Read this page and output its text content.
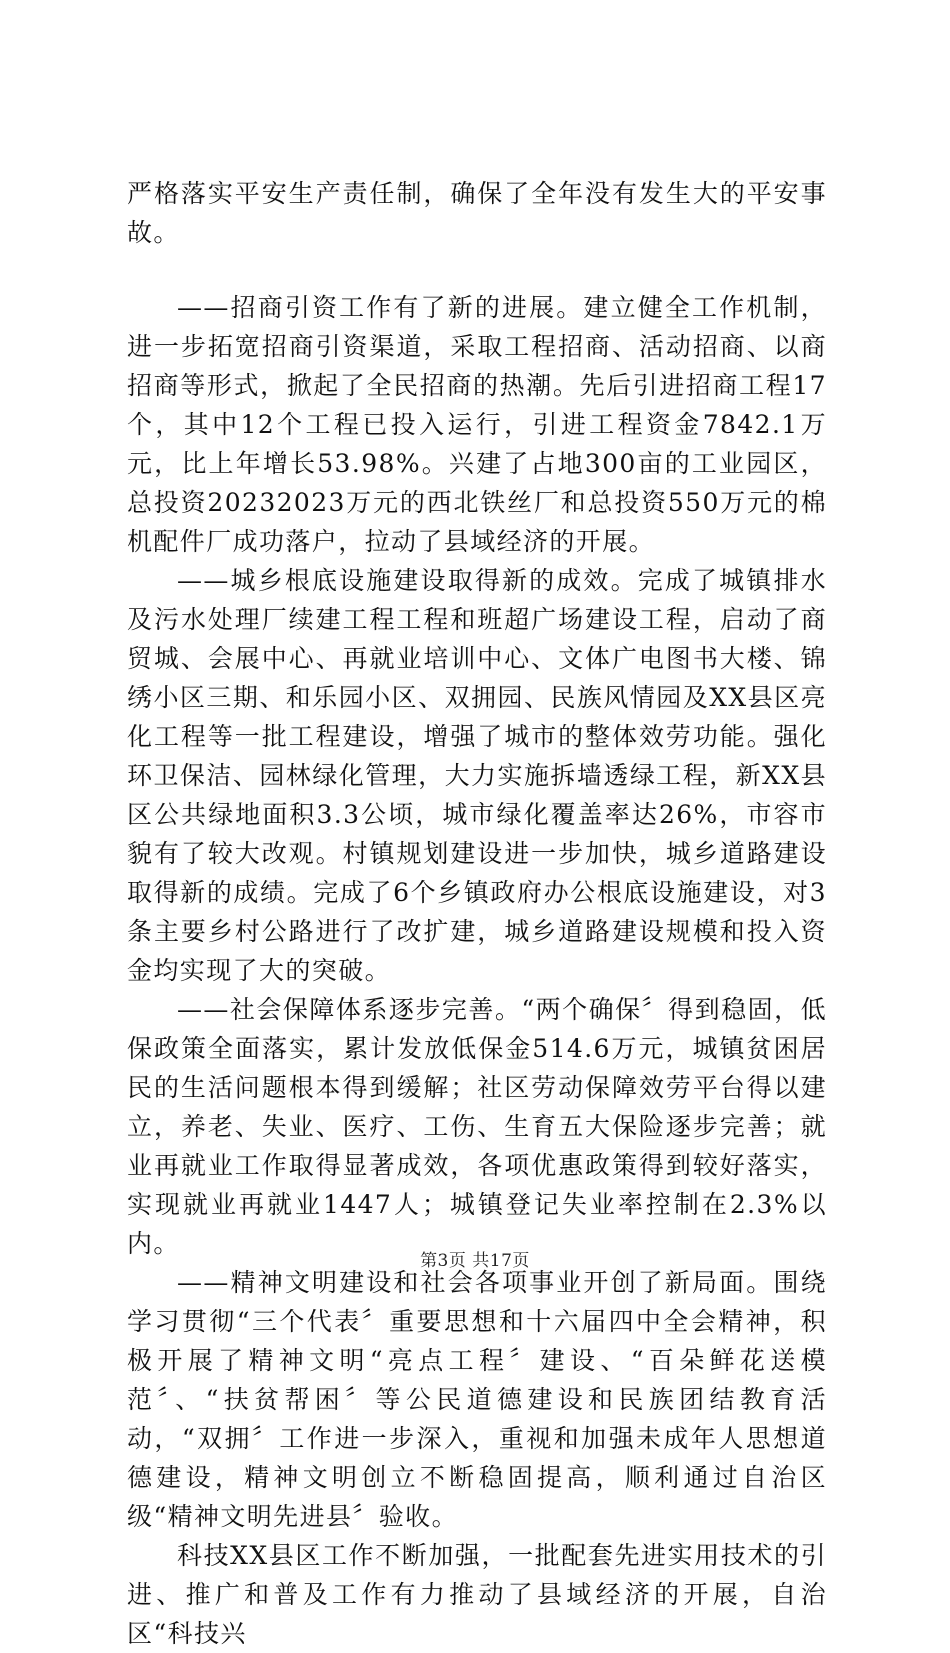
严格落实平安生产责任制，确保了全年没有发生大的平安事故。

——招商引资工作有了新的进展。建立健全工作机制，进一步拓宽招商引资渠道，采取工程招商、活动招商、以商招商等形式，掀起了全民招商的热潮。先后引进招商工程17个，其中12个工程已投入运行，引进工程资金7842.1万元，比上年增长53.98%。兴建了占地300亩的工业园区，总投资20232023万元的西北铁丝厂和总投资550万元的棉机配件厂成功落户，拉动了县域经济的开展。

——城乡根底设施建设取得新的成效。完成了城镇排水及污水处理厂续建工程工程和班超广场建设工程，启动了商贸城、会展中心、再就业培训中心、文体广电图书大楼、锦绣小区三期、和乐园小区、双拥园、民族风情园及XX县区亮化工程等一批工程建设，增强了城市的整体效劳功能。强化环卫保洁、园林绿化管理，大力实施拆墙透绿工程，新XX县区公共绿地面积3.3公顷，城市绿化覆盖率达26%，市容市貌有了较大改观。村镇规划建设进一步加快，城乡道路建设取得新的成绩。完成了6个乡镇政府办公根底设施建设，对3条主要乡村公路进行了改扩建，城乡道路建设规模和投入资金均实现了大的突破。

——社会保障体系逐步完善。“两个确保〞得到稳固，低保政策全面落实，累计发放低保金514.6万元，城镇贫困居民的生活问题根本得到缓解；社区劳动保障效劳平台得以建立，养老、失业、医疗、工伤、生育五大保险逐步完善；就业再就业工作取得显著成效，各项优惠政策得到较好落实，实现就业再就业1447人；城镇登记失业率控制在2.3%以内。

——精神文明建设和社会各项事业开创了新局面。围绕学习贯彻“三个代表〞重要思想和十六届四中全会精神，积极开展了精神文明“亮点工程〞建设、“百朵鲜花送模范〞、“扶贫帮困〞等公民道德建设和民族团结教育活动，“双拥〞工作进一步深入，重视和加强未成年人思想道德建设，精神文明创立不断稳固提高，顺利通过自治区级“精神文明先进县〞验收。

科技XX县区工作不断加强，一批配套先进实用技术的引进、推广和普及工作有力推动了县域经济的开展，自治区“科技兴

第3页 共17页
